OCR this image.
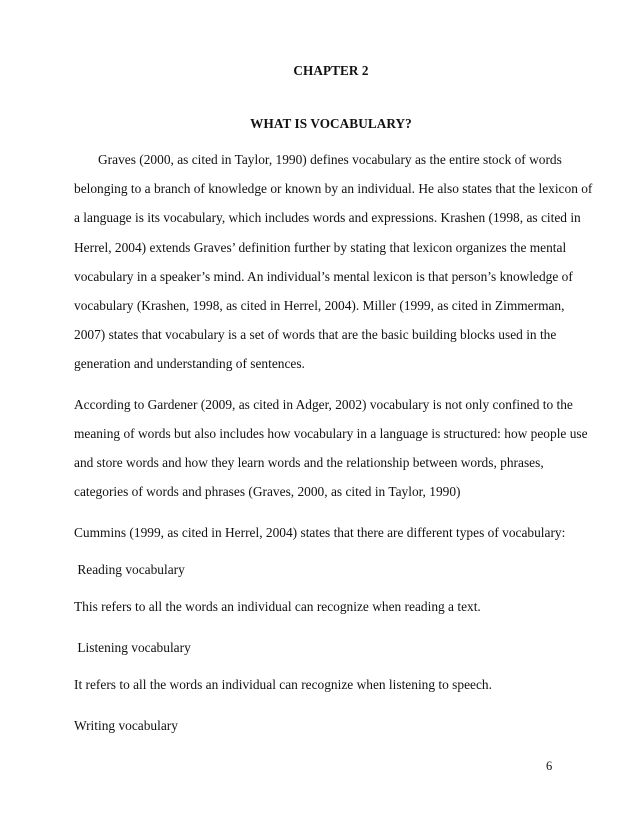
CHAPTER 2
WHAT IS VOCABULARY?
Graves (2000, as cited in Taylor, 1990) defines vocabulary as the entire stock of words
belonging to a branch of knowledge or known by an individual. He also states that the lexicon of
a language is its vocabulary, which includes words and expressions. Krashen (1998, as cited in
Herrel, 2004) extends Graves’ definition further by stating that lexicon organizes the mental
vocabulary in a speaker’s mind. An individual’s mental lexicon is that person’s knowledge of
vocabulary (Krashen, 1998, as cited in Herrel, 2004). Miller (1999, as cited in Zimmerman,
2007) states that vocabulary is a set of words that are the basic building blocks used in the
generation and understanding of sentences.
According to Gardener (2009, as cited in Adger, 2002) vocabulary is not only confined to the
meaning of words but also includes how vocabulary in a language is structured: how people use
and store words and how they learn words and the relationship between words, phrases,
categories of words and phrases (Graves, 2000, as cited in Taylor, 1990)
Cummins (1999, as cited in Herrel, 2004) states that there are different types of vocabulary:
Reading vocabulary
This refers to all the words an individual can recognize when reading a text.
Listening vocabulary
It refers to all the words an individual can recognize when listening to speech.
Writing vocabulary
6
